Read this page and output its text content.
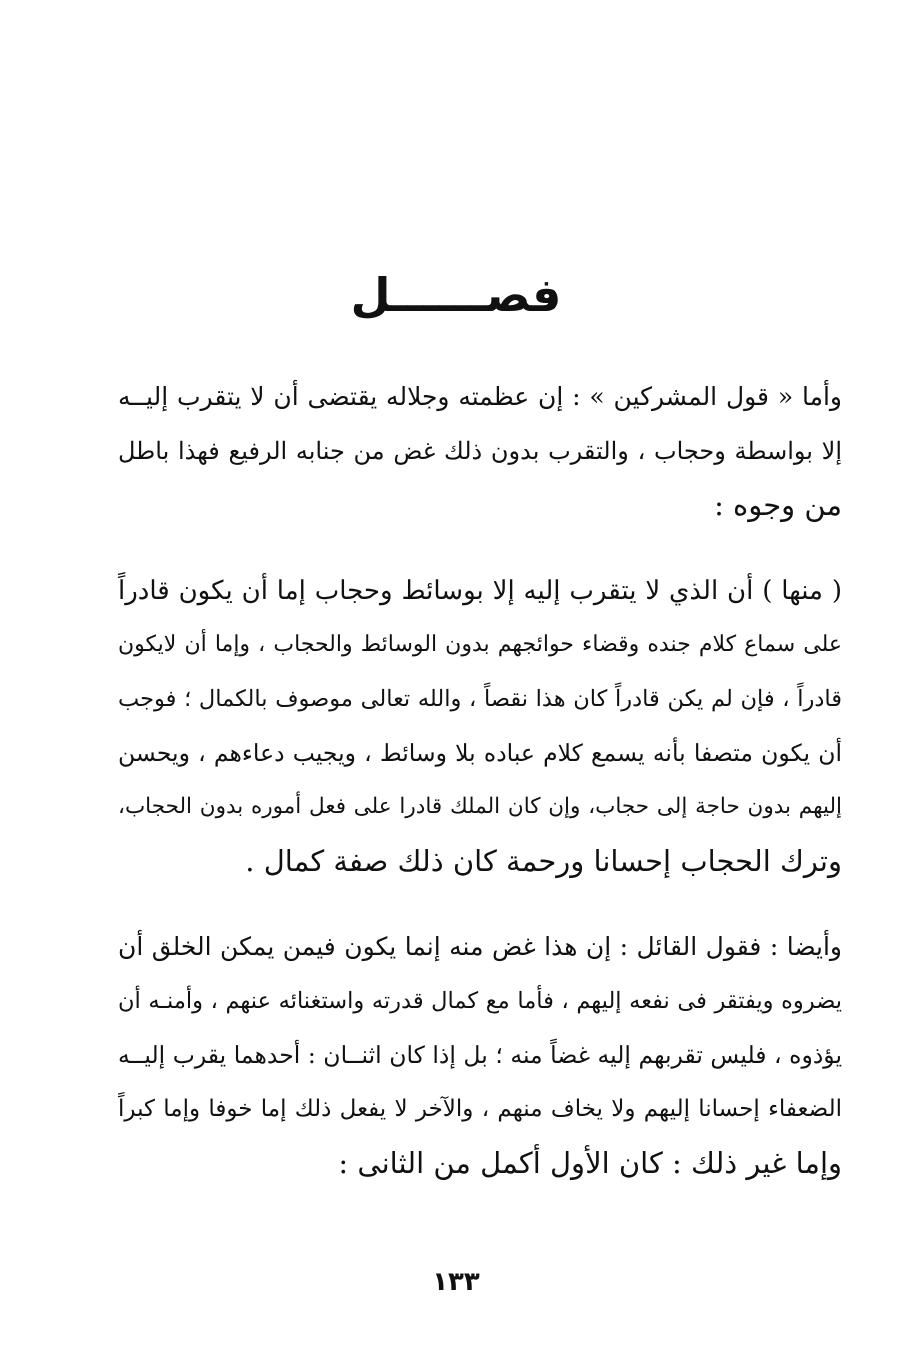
فصــــــل
وأما « قول المشركين » : إن عظمته وجلاله يقتضى أن لا يتقرب إليــه
إلا بواسطة وحجاب ، والتقرب بدون ذلك غض من جنابه الرفيع فهذا باطل
من وجوه :
( منها ) أن الذي لا يتقرب إليه إلا بوسائط وحجاب إما أن يكون قادراً
على سماع كلام جنده وقضاء حوائجهم بدون الوسائط والحجاب ، وإما أن لايكون
قادراً ، فإن لم يكن قادراً كان هذا نقصاً ، والله تعالى موصوف بالكمال ؛ فوجب
أن يكون متصفا بأنه يسمع كلام عباده بلا وسائط ، ويجيب دعاءهم ، ويحسن
إليهم بدون حاجة إلى حجاب، وإن كان الملك قادرا على فعل أموره بدون الحجاب،
وترك الحجاب إحسانا ورحمة كان ذلك صفة كمال .
وأيضا : فقول القائل : إن هذا غض منه إنما يكون فيمن يمكن الخلق أن
يضروه ويفتقر فى نفعه إليهم ، فأما مع كمال قدرته واستغنائه عنهم ، وأمنـه أن
يؤذوه ، فليس تقربهم إليه غضاً منه ؛ بل إذا كان اثنــان : أحدهما يقرب إليــه
الضعفاء إحسانا إليهم ولا يخاف منهم ، والآخر لا يفعل ذلك إما خوفا وإما كبراً
وإما غير ذلك : كان الأول أكمل من الثانى :
١٣٣
